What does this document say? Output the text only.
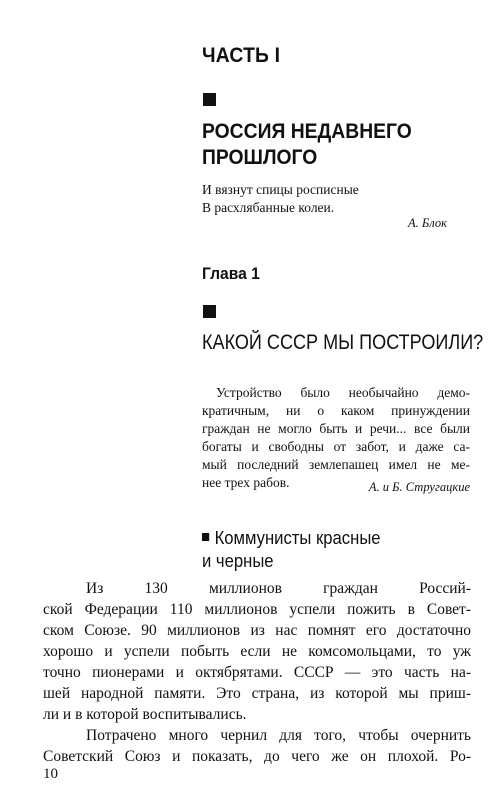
ЧАСТЬ I
РОССИЯ НЕДАВНЕГО
ПРОШЛОГО
И вязнут спицы росписные
В расхлябанные колеи.
А. Блок
Глава 1
КАКОЙ СССР МЫ ПОСТРОИЛИ?
Устройство было необычайно демо-
кратичным, ни о каком принуждении
граждан не могло быть и речи... все были
богаты и свободны от забот, и даже са-
мый последний землепашец имел не ме-
нее трех рабов.	А. и Б. Стругацкие
Коммунисты красные
и черные
Из 130 миллионов граждан Россий-
ской Федерации 110 миллионов успели пожить в Совет-
ском Союзе. 90 миллионов из нас помнят его достаточно
хорошо и успели побыть если не комсомольцами, то уж
точно пионерами и октябрятами. СССР — это часть на-
шей народной памяти. Это страна, из которой мы приш-
ли и в которой воспитывались.
Потрачено много чернил для того, чтобы очернить
Советский Союз и показать, до чего же он плохой. Ро-
10
